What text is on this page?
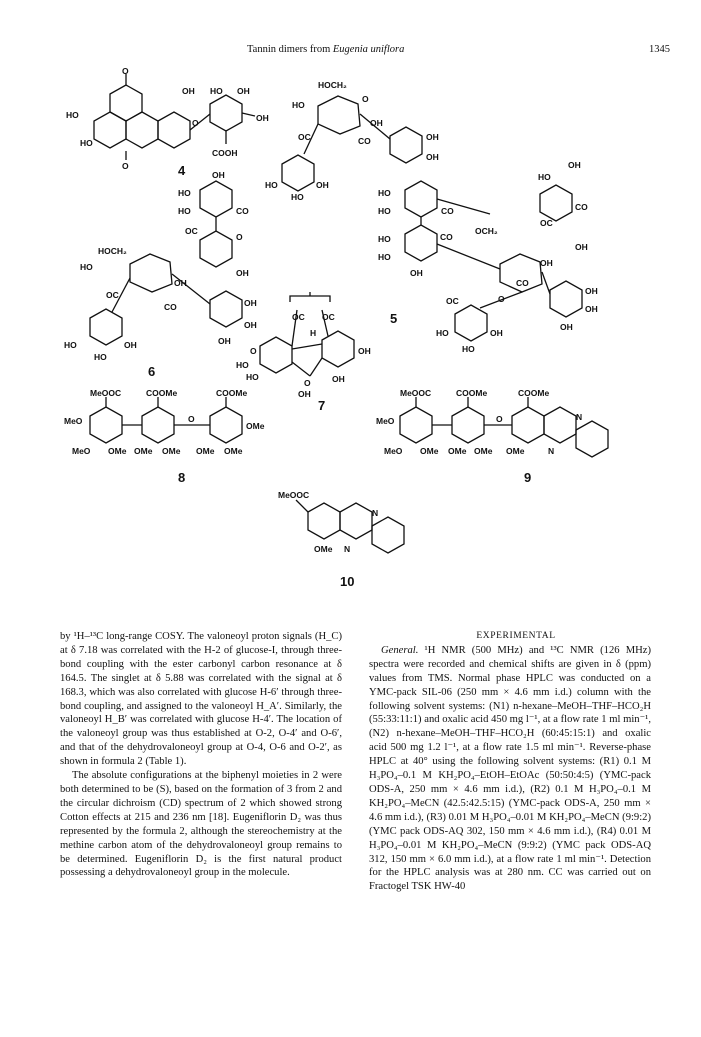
Tannin dimers from Eugenia uniflora	1345
O
OH HO OH
HO	OH
O
HO
COOH
O	4
HOCH₂
HO
O
OC	CO
OH
OH
OH
HO	OH
HO	HO
HO	CO
OCH₂
HO
HO
CO
OH
HO
OH
OC
CO
OH
OH
O
CO
OH
OH
OH
OC
HO	OH
HO
5
OH
HO
HO	CO
OC
O
HOCH₂
HO
OH
OH
OC
CO	OH
OH
OH
HO	OH
HO
6
OC OC
H
O	OH
HO
HO
O	OH
OH
7
MeOOC	COOMe	COOMe
MeO	O
OMe
MeO OMe OMe OMe OMe OMe
8
MeOOC	COOMe	COOMe
MeO	O	N
MeO OMe OMe OMe OMe	N
9
MeOOC
N
OMe N
10

by ¹H–¹³C long-range COSY. The valoneoyl proton signals (H_C) at δ 7.18 was correlated with the H-2 of glucose-I, through three-bond coupling with the ester carbonyl carbon resonance at δ 164.5. The singlet at δ 5.88 was correlated with the signal at δ 168.3, which was also correlated with glucose H-6′ through three-bond coupling, and assigned to the valoneoyl H_A′. Similarly, the valoneoyl H_B′ was correlated with glucose H-4′. The location of the valoneoyl group was thus established at O-2, O-4′ and O-6′, and that of the dehydrovaloneoyl group at O-4, O-6 and O-2′, as shown in formula 2 (Table 1).

The absolute configurations at the biphenyl moieties in 2 were both determined to be (S), based on the formation of 3 from 2 and the circular dichroism (CD) spectrum of 2 which showed strong Cotton effects at 215 and 236 nm [18]. Eugeniflorin D₂ was thus represented by the formula 2, although the stereochemistry at the methine carbon atom of the dehydrovaloneoyl group remains to be determined. Eugeniflorin D₂ is the first natural product possessing a dehydrovaloneoyl group in the molecule.

EXPERIMENTAL

General. ¹H NMR (500 MHz) and ¹³C NMR (126 MHz) spectra were recorded and chemical shifts are given in δ (ppm) values from TMS. Normal phase HPLC was conducted on a YMC-pack SIL-06 (250 mm × 4.6 mm i.d.) column with the following solvent systems: (N1) n-hexane–MeOH–THF–HCO₂H (55:33:11:1) and oxalic acid 450 mg l⁻¹, at a flow rate 1 ml min⁻¹, (N2) n-hexane–MeOH–THF–HCO₂H (60:45:15:1) and oxalic acid 500 mg 1.2 l⁻¹, at a flow rate 1.5 ml min⁻¹. Reverse-phase HPLC at 40° using the following solvent systems: (R1) 0.1 M H₃PO₄–0.1 M KH₂PO₄–EtOH–EtOAc (50:50:4:5) (YMC-pack ODS-A, 250 mm × 4.6 mm i.d.), (R2) 0.1 M H₃PO₄–0.1 M KH₂PO₄–MeCN (42.5:42.5:15) (YMC-pack ODS-A, 250 mm × 4.6 mm i.d.), (R3) 0.01 M H₃PO₄–0.01 M KH₂PO₄–MeCN (9:9:2) (YMC pack ODS-AQ 302, 150 mm × 4.6 mm i.d.), (R4) 0.01 M H₃PO₄–0.01 M KH₂PO₄–MeCN (9:9:2) (YMC pack ODS-AQ 312, 150 mm × 6.0 mm i.d.), at a flow rate 1 ml min⁻¹. Detection for the HPLC analysis was at 280 nm. CC was carried out on Fractogel TSK HW-40
